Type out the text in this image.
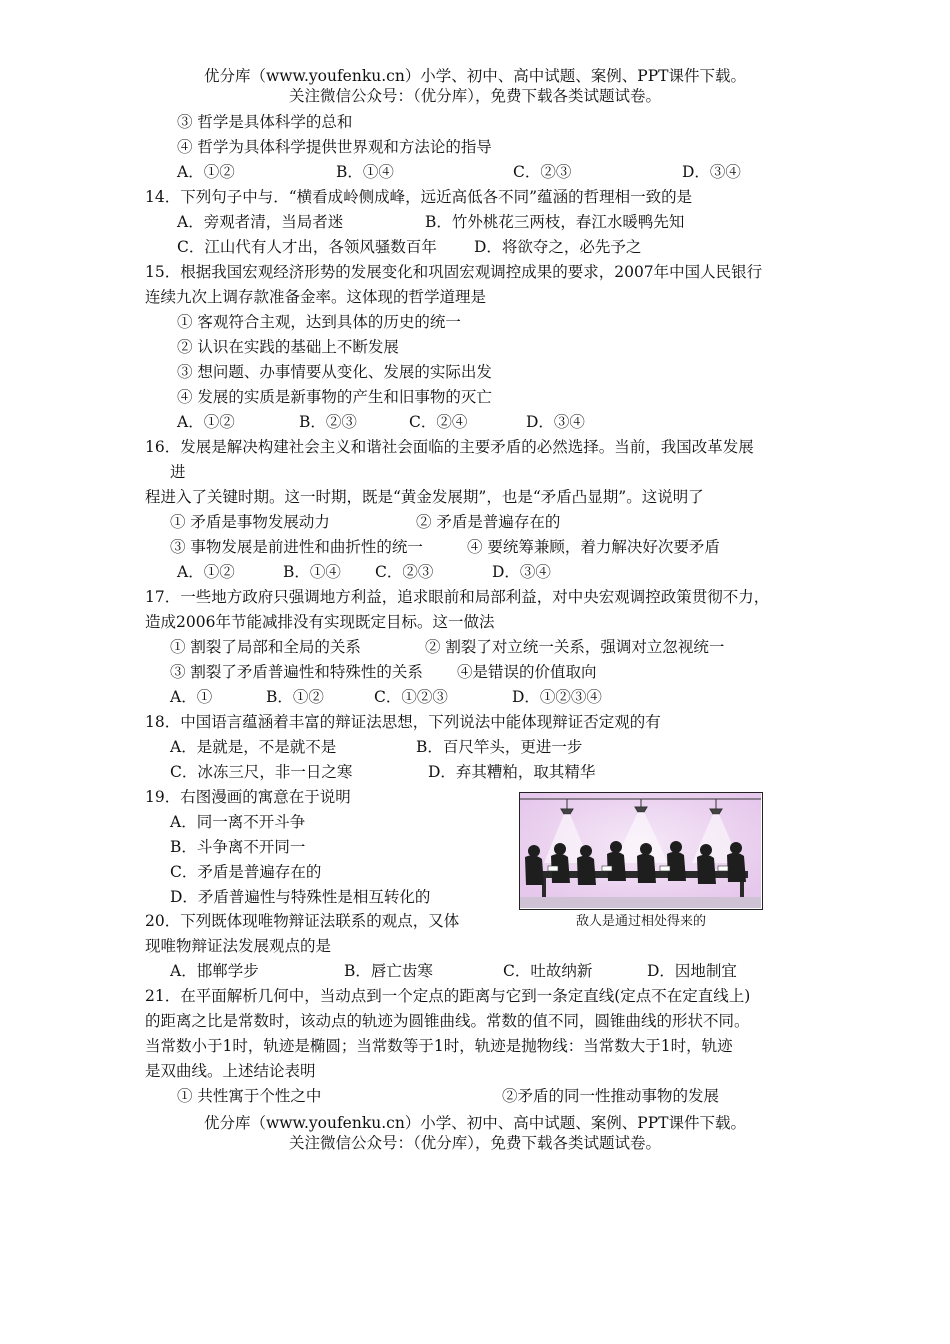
优分库（www.youfenku.cn）小学、初中、高中试题、案例、PPT课件下载。
关注微信公众号：（优分库），免费下载各类试题试卷。
③ 哲学是具体科学的总和
④ 哲学为具体科学提供世界观和方法论的指导
A．①②	B．①④	C．②③	D．③④
14．下列句子中与．“横看成岭侧成峰，远近高低各不同”蕴涵的哲理相一致的是
A．旁观者清，当局者迷	B．竹外桃花三两枝，春江水暖鸭先知
C．江山代有人才出，各领风骚数百年 D．将欲夺之，必先予之
15．根据我国宏观经济形势的发展变化和巩固宏观调控成果的要求，2007年中国人民银行
连续九次上调存款准备金率。这体现的哲学道理是
① 客观符合主观，达到具体的历史的统一
② 认识在实践的基础上不断发展
③ 想问题、办事情要从变化、发展的实际出发
④ 发展的实质是新事物的产生和旧事物的灭亡
A．①②	B．②③	C．②④	D．③④
16．发展是解决构建社会主义和谐社会面临的主要矛盾的必然选择。当前，我国改革发展
进
程进入了关键时期。这一时期，既是“黄金发展期”，也是“矛盾凸显期”。这说明了
① 矛盾是事物发展动力	② 矛盾是普遍存在的
③ 事物发展是前进性和曲折性的统一	④ 要统筹兼顾，着力解决好次要矛盾
A．①②	B．①④ C．②③	D．③④
17．一些地方政府只强调地方利益，追求眼前和局部利益，对中央宏观调控政策贯彻不力，
造成2006年节能减排没有实现既定目标。这一做法
① 割裂了局部和全局的关系	② 割裂了对立统一关系，强调对立忽视统一
③ 割裂了矛盾普遍性和特殊性的关系 ④是错误的价值取向
A．①	B．①②	C．①②③	D．①②③④
18．中国语言蕴涵着丰富的辩证法思想，下列说法中能体现辩证否定观的有
A．是就是，不是就不是	B．百尺竿头，更进一步
C．冰冻三尺，非一日之寒	D．弃其糟粕，取其精华
19．右图漫画的寓意在于说明
A．同一离不开斗争
B．斗争离不开同一
C．矛盾是普遍存在的
D．矛盾普遍性与特殊性是相互转化的
敌人是通过相处得来的
20．下列既体现唯物辩证法联系的观点，又体
现唯物辩证法发展观点的是
A．邯郸学步	B．唇亡齿寒	C．吐故纳新	D．因地制宜
21．在平面解析几何中，当动点到一个定点的距离与它到一条定直线(定点不在定直线上)
的距离之比是常数时，该动点的轨迹为圆锥曲线。常数的值不同，圆锥曲线的形状不同。
当常数小于1时，轨迹是椭圆；当常数等于1时，轨迹是抛物线：当常数大于1时，轨迹
是双曲线。上述结论表明
① 共性寓于个性之中	②矛盾的同一性推动事物的发展
优分库（www.youfenku.cn）小学、初中、高中试题、案例、PPT课件下载。
关注微信公众号：（优分库），免费下载各类试题试卷。
